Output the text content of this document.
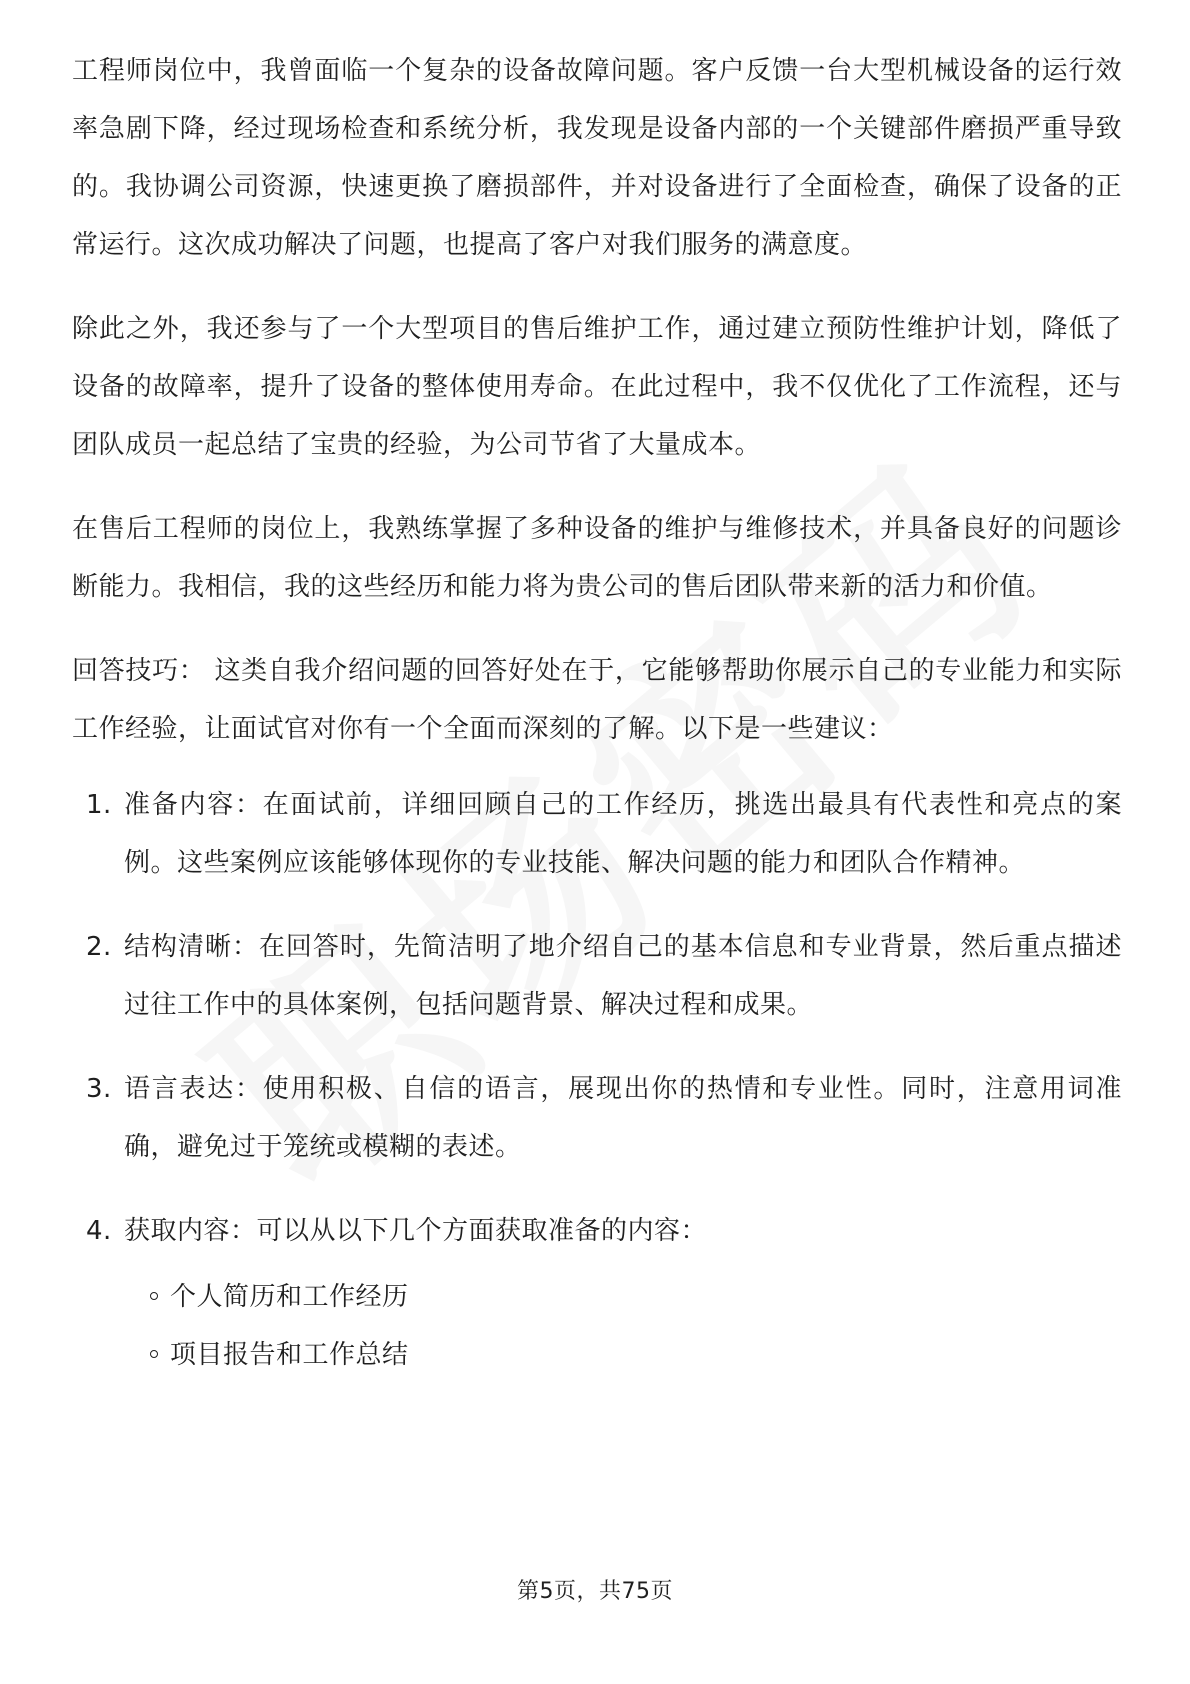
工程师岗位中，我曾面临一个复杂的设备故障问题。客户反馈一台大型机械设备的运行效率急剧下降，经过现场检查和系统分析，我发现是设备内部的一个关键部件磨损严重导致的。我协调公司资源，快速更换了磨损部件，并对设备进行了全面检查，确保了设备的正常运行。这次成功解决了问题，也提高了客户对我们服务的满意度。

除此之外，我还参与了一个大型项目的售后维护工作，通过建立预防性维护计划，降低了设备的故障率，提升了设备的整体使用寿命。在此过程中，我不仅优化了工作流程，还与团队成员一起总结了宝贵的经验，为公司节省了大量成本。

在售后工程师的岗位上，我熟练掌握了多种设备的维护与维修技术，并具备良好的问题诊断能力。我相信，我的这些经历和能力将为贵公司的售后团队带来新的活力和价值。

回答技巧： 这类自我介绍问题的回答好处在于，它能够帮助你展示自己的专业能力和实际工作经验，让面试官对你有一个全面而深刻的了解。以下是一些建议：

1. 准备内容：在面试前，详细回顾自己的工作经历，挑选出最具有代表性和亮点的案例。这些案例应该能够体现你的专业技能、解决问题的能力和团队合作精神。
2. 结构清晰：在回答时，先简洁明了地介绍自己的基本信息和专业背景，然后重点描述过往工作中的具体案例，包括问题背景、解决过程和成果。
3. 语言表达：使用积极、自信的语言，展现出你的热情和专业性。同时，注意用词准确，避免过于笼统或模糊的表述。
4. 获取内容：可以从以下几个方面获取准备的内容：
个人简历和工作经历
项目报告和工作总结
第5页，共75页
